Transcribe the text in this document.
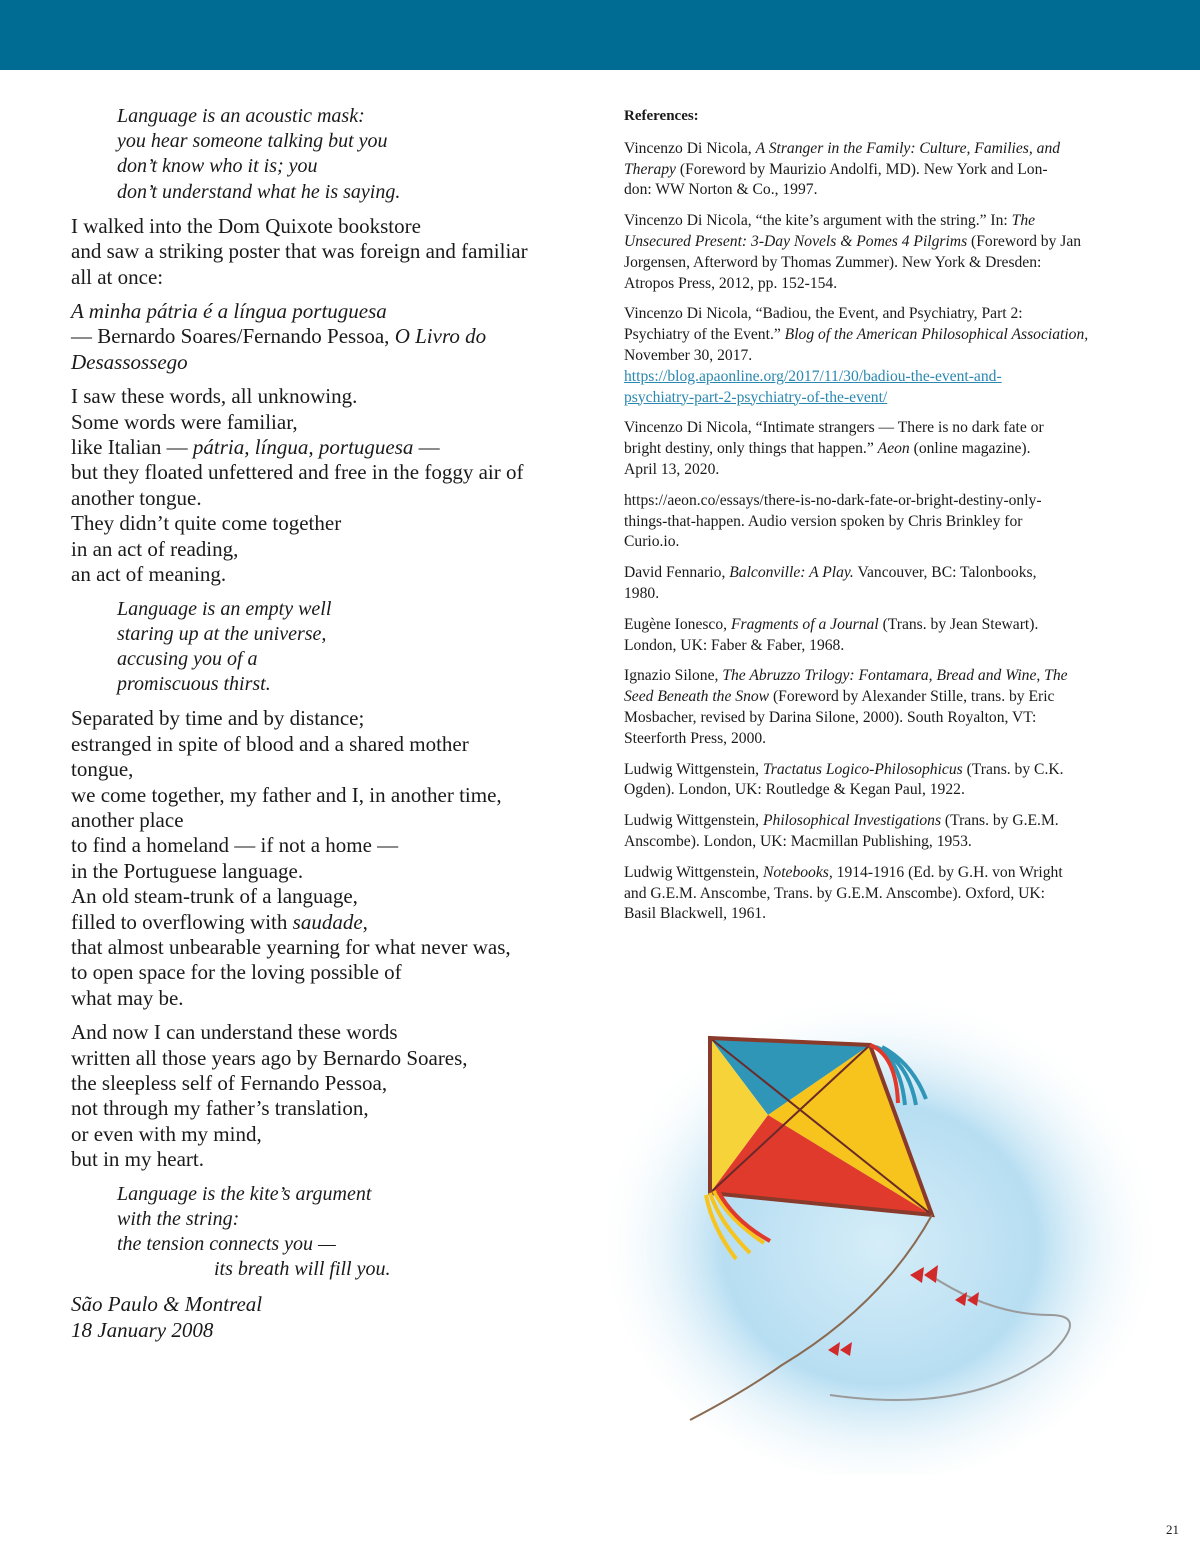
Language is an acoustic mask:
you hear someone talking but you
don’t know who it is; you
don’t understand what he is saying.
I walked into the Dom Quixote bookstore
and saw a striking poster that was foreign and familiar
all at once:
A minha pátria é a língua portuguesa
— Bernardo Soares/Fernando Pessoa, O Livro do
Desassossego
I saw these words, all unknowing.
Some words were familiar,
like Italian — pátria, língua, portuguesa —
but they floated unfettered and free in the foggy air of
another tongue.
They didn’t quite come together
in an act of reading,
an act of meaning.
Language is an empty well
staring up at the universe,
accusing you of a
promiscuous thirst.
Separated by time and by distance;
estranged in spite of blood and a shared mother
tongue,
we come together, my father and I, in another time,
another place
to find a homeland — if not a home —
in the Portuguese language.
An old steam-trunk of a language,
filled to overflowing with saudade,
that almost unbearable yearning for what never was,
to open space for the loving possible of
what may be.
And now I can understand these words
written all those years ago by Bernardo Soares,
the sleepless self of Fernando Pessoa,
not through my father’s translation,
or even with my mind,
but in my heart.
Language is the kite’s argument
with the string:
the tension connects you —
its breath will fill you.
São Paulo & Montreal
18 January 2008
References:
Vincenzo Di Nicola, A Stranger in the Family: Culture, Families, and
Therapy (Foreword by Maurizio Andolfi, MD). New York and Lon-
don: WW Norton & Co., 1997.
Vincenzo Di Nicola, “the kite’s argument with the string.” In: The
Unsecured Present: 3-Day Novels & Pomes 4 Pilgrims (Foreword by Jan
Jorgensen, Afterword by Thomas Zummer). New York & Dresden:
Atropos Press, 2012, pp. 152-154.
Vincenzo Di Nicola, “Badiou, the Event, and Psychiatry, Part 2:
Psychiatry of the Event.” Blog of the American Philosophical Association,
November 30, 2017.
https://blog.apaonline.org/2017/11/30/badiou-the-event-and-
psychiatry-part-2-psychiatry-of-the-event/
Vincenzo Di Nicola, “Intimate strangers — There is no dark fate or
bright destiny, only things that happen.” Aeon (online magazine).
April 13, 2020.
https://aeon.co/essays/there-is-no-dark-fate-or-bright-destiny-only-
things-that-happen. Audio version spoken by Chris Brinkley for
Curio.io.
David Fennario, Balconville: A Play. Vancouver, BC: Talonbooks,
1980.
Eugène Ionesco, Fragments of a Journal (Trans. by Jean Stewart).
London, UK: Faber & Faber, 1968.
Ignazio Silone, The Abruzzo Trilogy: Fontamara, Bread and Wine, The
Seed Beneath the Snow (Foreword by Alexander Stille, trans. by Eric
Mosbacher, revised by Darina Silone, 2000). South Royalton, VT:
Steerforth Press, 2000.
Ludwig Wittgenstein, Tractatus Logico-Philosophicus (Trans. by C.K.
Ogden). London, UK: Routledge & Kegan Paul, 1922.
Ludwig Wittgenstein, Philosophical Investigations (Trans. by G.E.M.
Anscombe). London, UK: Macmillan Publishing, 1953.
Ludwig Wittgenstein, Notebooks, 1914-1916 (Ed. by G.H. von Wright
and G.E.M. Anscombe, Trans. by G.E.M. Anscombe). Oxford, UK:
Basil Blackwell, 1961.
21
